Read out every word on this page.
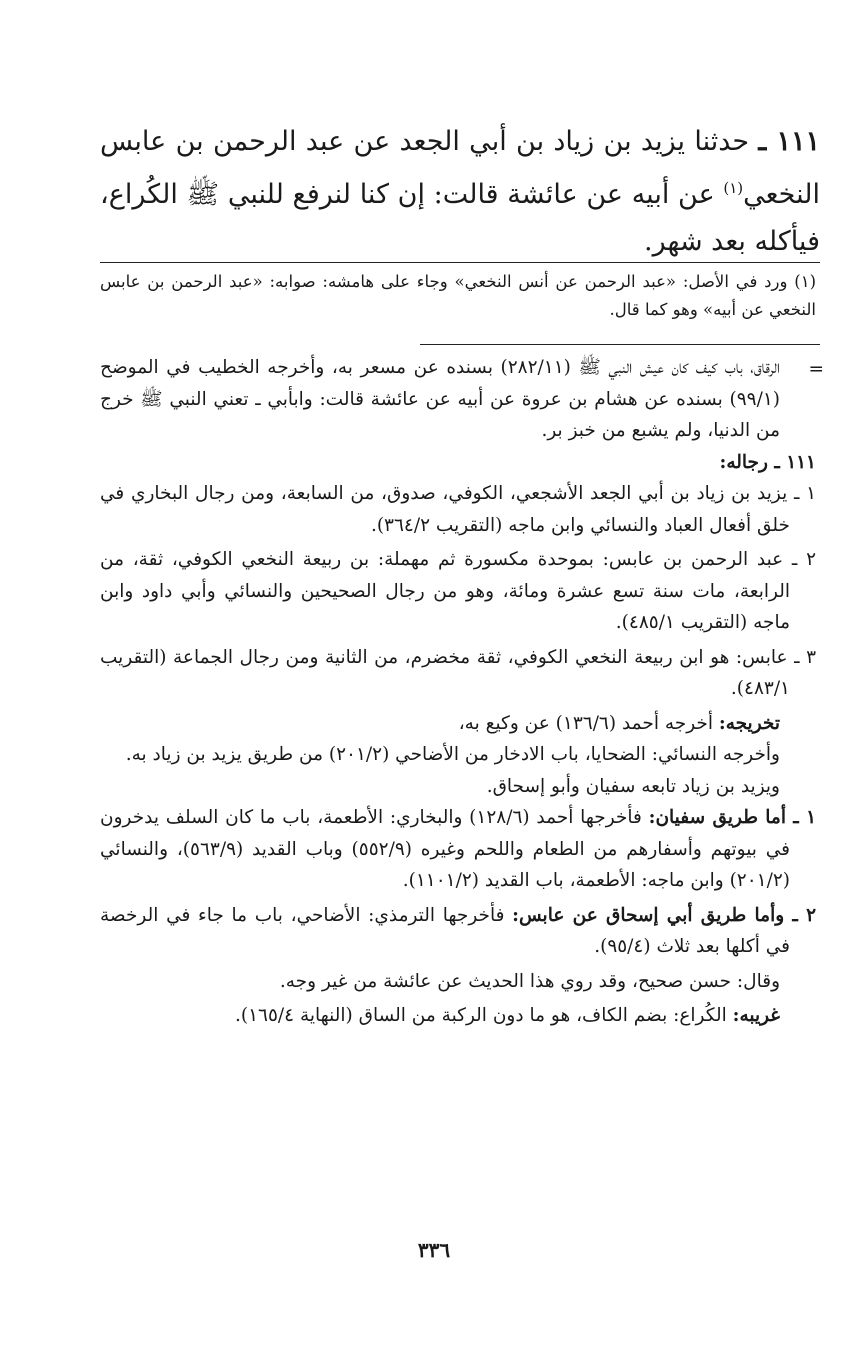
١١١ ـ حدثنا يزيد بن زياد بن أبي الجعد عن عبد الرحمن بن عابس النخعي$^{(١)}$ عن أبيه عن عائشة قالت: إن كنا لنرفع للنبي ﷺ الكُراع، فيأكله بعد شهر.
(١) ورد في الأصل: «عبد الرحمن عن أنس النخعي» وجاء على هامشه: صوابه: «عبد الرحمن بن عابس النخعي عن أبيه» وهو كما قال.
=

الرقاق، باب كيف كان عيش النبي ﷺ (٢٨٢/١١) بسنده عن مسعر به، وأخرجه الخطيب في الموضح (٩٩/١) بسنده عن هشام بن عروة عن أبيه عن عائشة قالت: وابأبي ـ تعني النبي ﷺ خرج من الدنيا، ولم يشبع من خبز بر.

١١١ ـ رجاله:

١ ـ يزيد بن زياد بن أبي الجعد الأشجعي، الكوفي، صدوق، من السابعة، ومن رجال البخاري في خلق أفعال العباد والنسائي وابن ماجه (التقريب ٣٦٤/٢).

٢ ـ عبد الرحمن بن عابس: بموحدة مكسورة ثم مهملة: بن ربيعة النخعي الكوفي، ثقة، من الرابعة، مات سنة تسع عشرة ومائة، وهو من رجال الصحيحين والنسائي وأبي داود وابن ماجه (التقريب ٤٨٥/١).

٣ ـ عابس: هو ابن ربيعة النخعي الكوفي، ثقة مخضرم، من الثانية ومن رجال الجماعة (التقريب ٤٨٣/١).

تخريجه: أخرجه أحمد (١٣٦/٦) عن وكيع به،

وأخرجه النسائي: الضحايا، باب الادخار من الأضاحي (٢٠١/٢) من طريق يزيد بن زياد به.

ويزيد بن زياد تابعه سفيان وأبو إسحاق.

١ ـ أما طريق سفيان: فأخرجها أحمد (١٢٨/٦) والبخاري: الأطعمة، باب ما كان السلف يدخرون في بيوتهم وأسفارهم من الطعام واللحم وغيره (٥٥٢/٩) وباب القديد (٥٦٣/٩)، والنسائي (٢٠١/٢) وابن ماجه: الأطعمة، باب القديد (١١٠١/٢).

٢ ـ وأما طريق أبي إسحاق عن عابس: فأخرجها الترمذي: الأضاحي، باب ما جاء في الرخصة في أكلها بعد ثلاث (٩٥/٤).

وقال: حسن صحيح، وقد روي هذا الحديث عن عائشة من غير وجه.

غريبه: الكُراع: بضم الكاف، هو ما دون الركبة من الساق (النهاية ١٦٥/٤).

٣٣٦
